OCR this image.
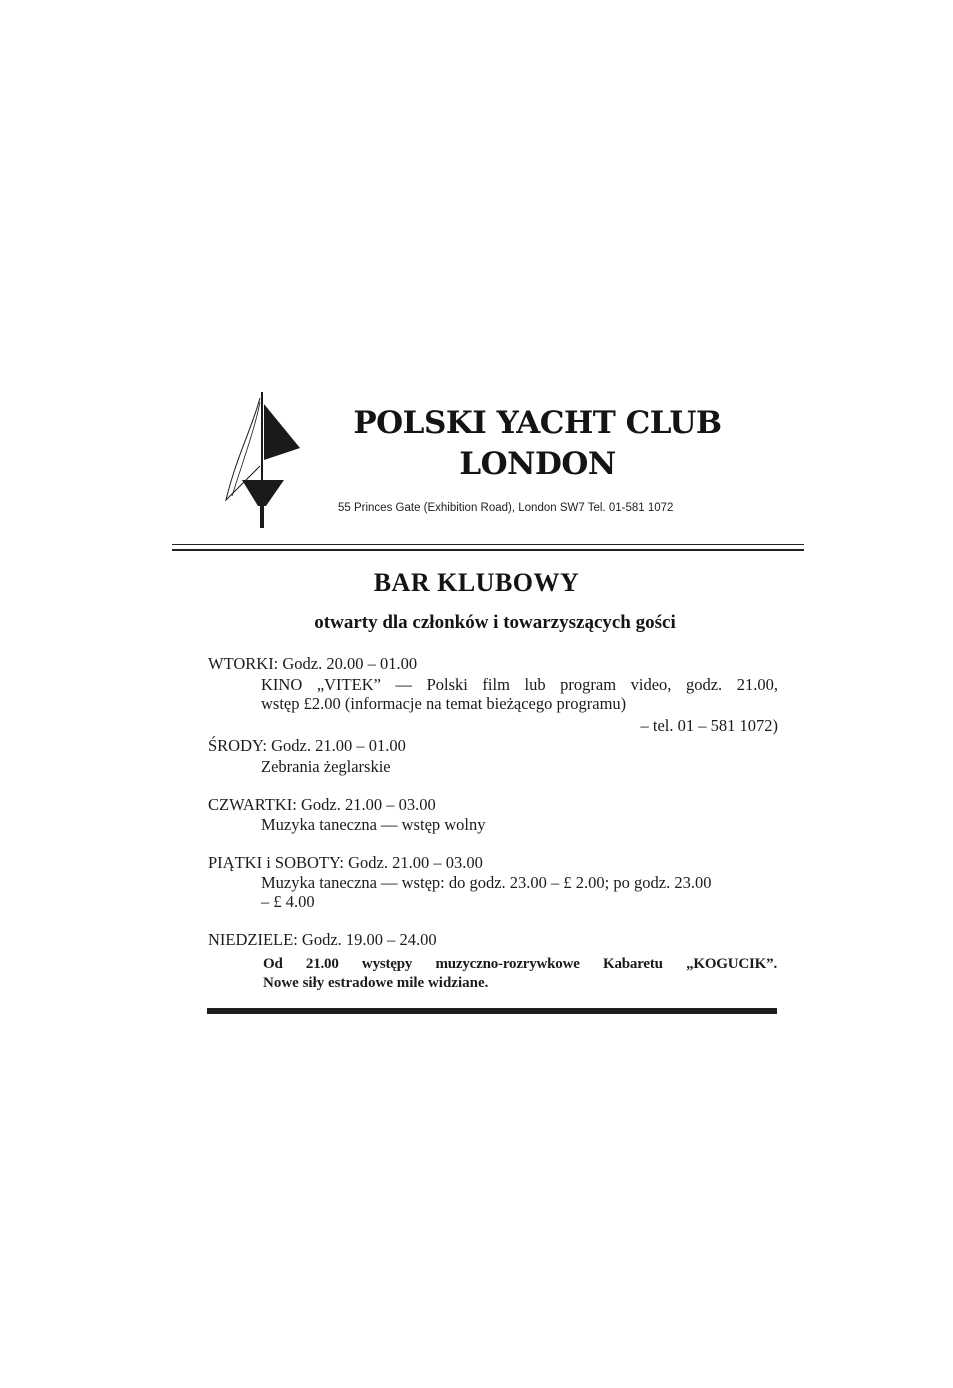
POLSKI YACHT CLUB
LONDON
55 Princes Gate (Exhibition Road), London SW7 Tel. 01-581 1072
BAR KLUBOWY
otwarty dla członków i towarzyszących gości
WTORKI: Godz. 20.00 – 01.00
KINO „VITEK” — Polski film lub program video, godz. 21.00,
wstęp £2.00 (informacje na temat bieżącego programu)
– tel. 01 – 581 1072)
ŚRODY: Godz. 21.00 – 01.00
Zebrania żeglarskie
CZWARTKI: Godz. 21.00 – 03.00
Muzyka taneczna — wstęp wolny
PIĄTKI i SOBOTY: Godz. 21.00 – 03.00
Muzyka taneczna — wstęp: do godz. 23.00 – £ 2.00; po godz. 23.00
– £ 4.00
NIEDZIELE: Godz. 19.00 – 24.00
Od 21.00 występy muzyczno-rozrywkowe Kabaretu „KOGUCIK”.
Nowe siły estradowe mile widziane.
